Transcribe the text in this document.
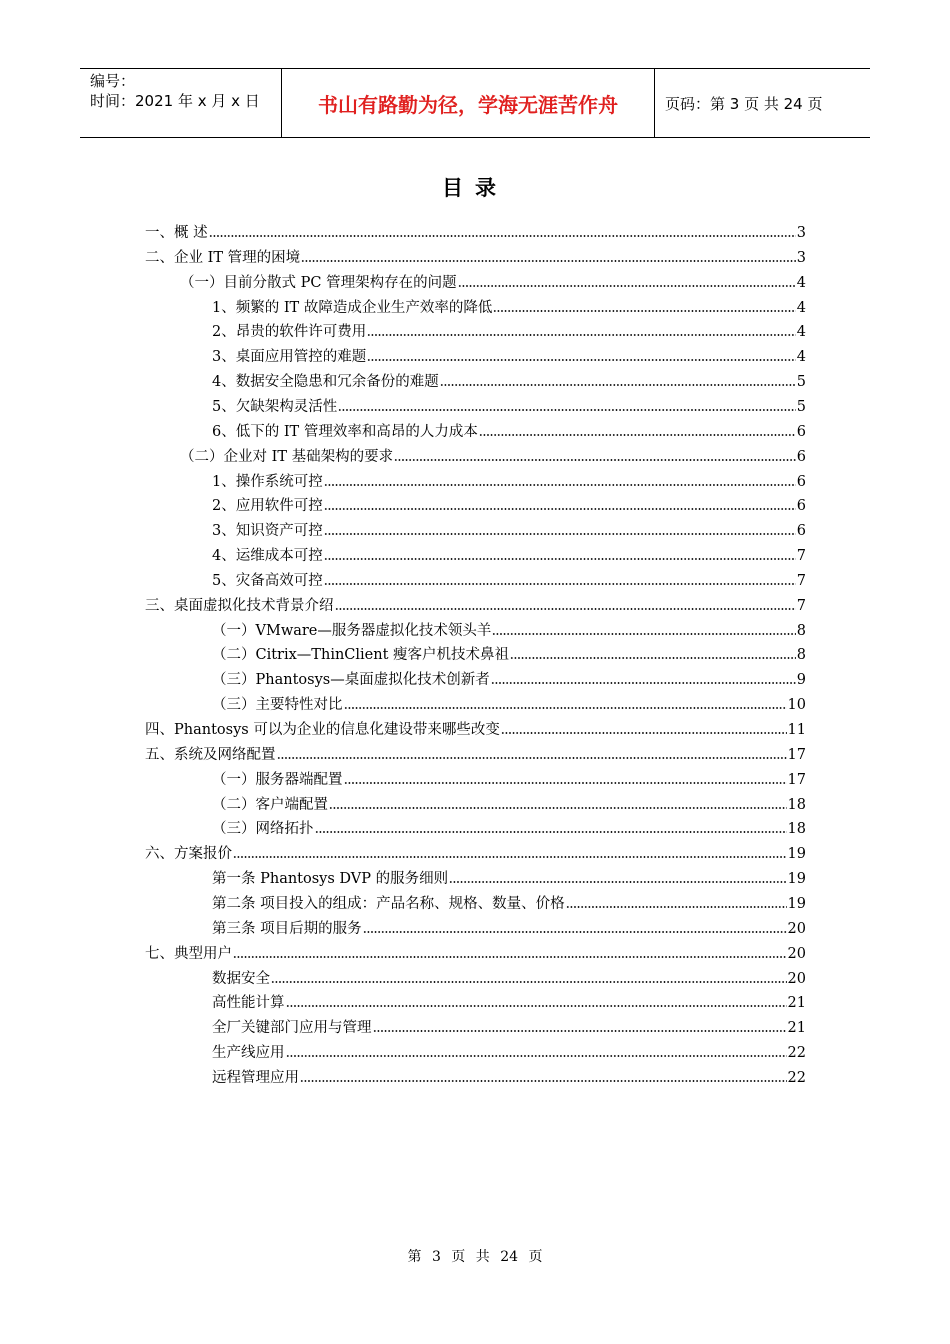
编号：
时间：2021 年 x 月 x 日	书山有路勤为径，学海无涯苦作舟	页码：第 3 页 共 24 页
目录
一、概 述	3
二、企业 IT 管理的困境	3
（一）目前分散式 PC 管理架构存在的问题	4
1、频繁的 IT 故障造成企业生产效率的降低	4
2、昂贵的软件许可费用	4
3、桌面应用管控的难题	4
4、数据安全隐患和冗余备份的难题	5
5、欠缺架构灵活性	5
6、低下的 IT 管理效率和高昂的人力成本	6
（二）企业对 IT 基础架构的要求	6
1、操作系统可控	6
2、应用软件可控	6
3、知识资产可控	6
4、运维成本可控	7
5、灾备高效可控	7
三、桌面虚拟化技术背景介绍	7
（一）VMware—服务器虚拟化技术领头羊	8
（二）Citrix—ThinClient 瘦客户机技术鼻祖	8
（三）Phantosys—桌面虚拟化技术创新者	9
（三）主要特性对比	10
四、Phantosys 可以为企业的信息化建设带来哪些改变	11
五、系统及网络配置	17
（一）服务器端配置	17
（二）客户端配置	18
（三）网络拓扑	18
六、方案报价	19
第一条 Phantosys DVP 的服务细则	19
第二条 项目投入的组成：产品名称、规格、数量、价格	19
第三条 项目后期的服务	20
七、典型用户	20
数据安全	20
高性能计算	21
全厂关键部门应用与管理	21
生产线应用	22
远程管理应用	22
第 3 页 共 24 页
